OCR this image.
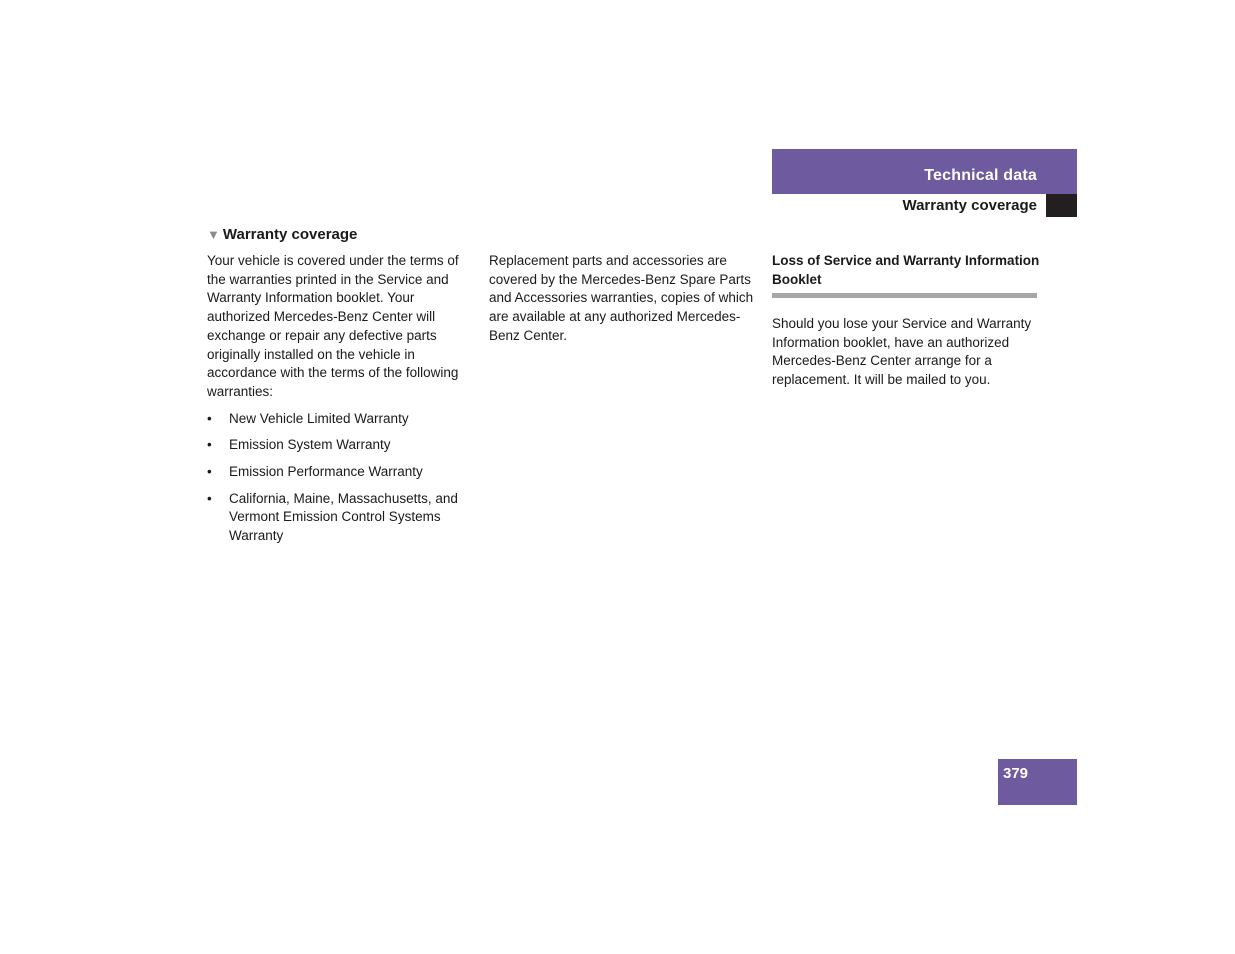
Technical data
Warranty coverage
▼ Warranty coverage

Your vehicle is covered under the terms of the warranties printed in the Service and Warranty Information booklet. Your authorized Mercedes-Benz Center will exchange or repair any defective parts originally installed on the vehicle in accordance with the terms of the following warranties:

• New Vehicle Limited Warranty
• Emission System Warranty
• Emission Performance Warranty
• California, Maine, Massachusetts, and Vermont Emission Control Systems Warranty

Replacement parts and accessories are covered by the Mercedes-Benz Spare Parts and Accessories warranties, copies of which are available at any authorized Mercedes-Benz Center.

Loss of Service and Warranty Information Booklet

Should you lose your Service and Warranty Information booklet, have an authorized Mercedes-Benz Center arrange for a replacement. It will be mailed to you.

379
